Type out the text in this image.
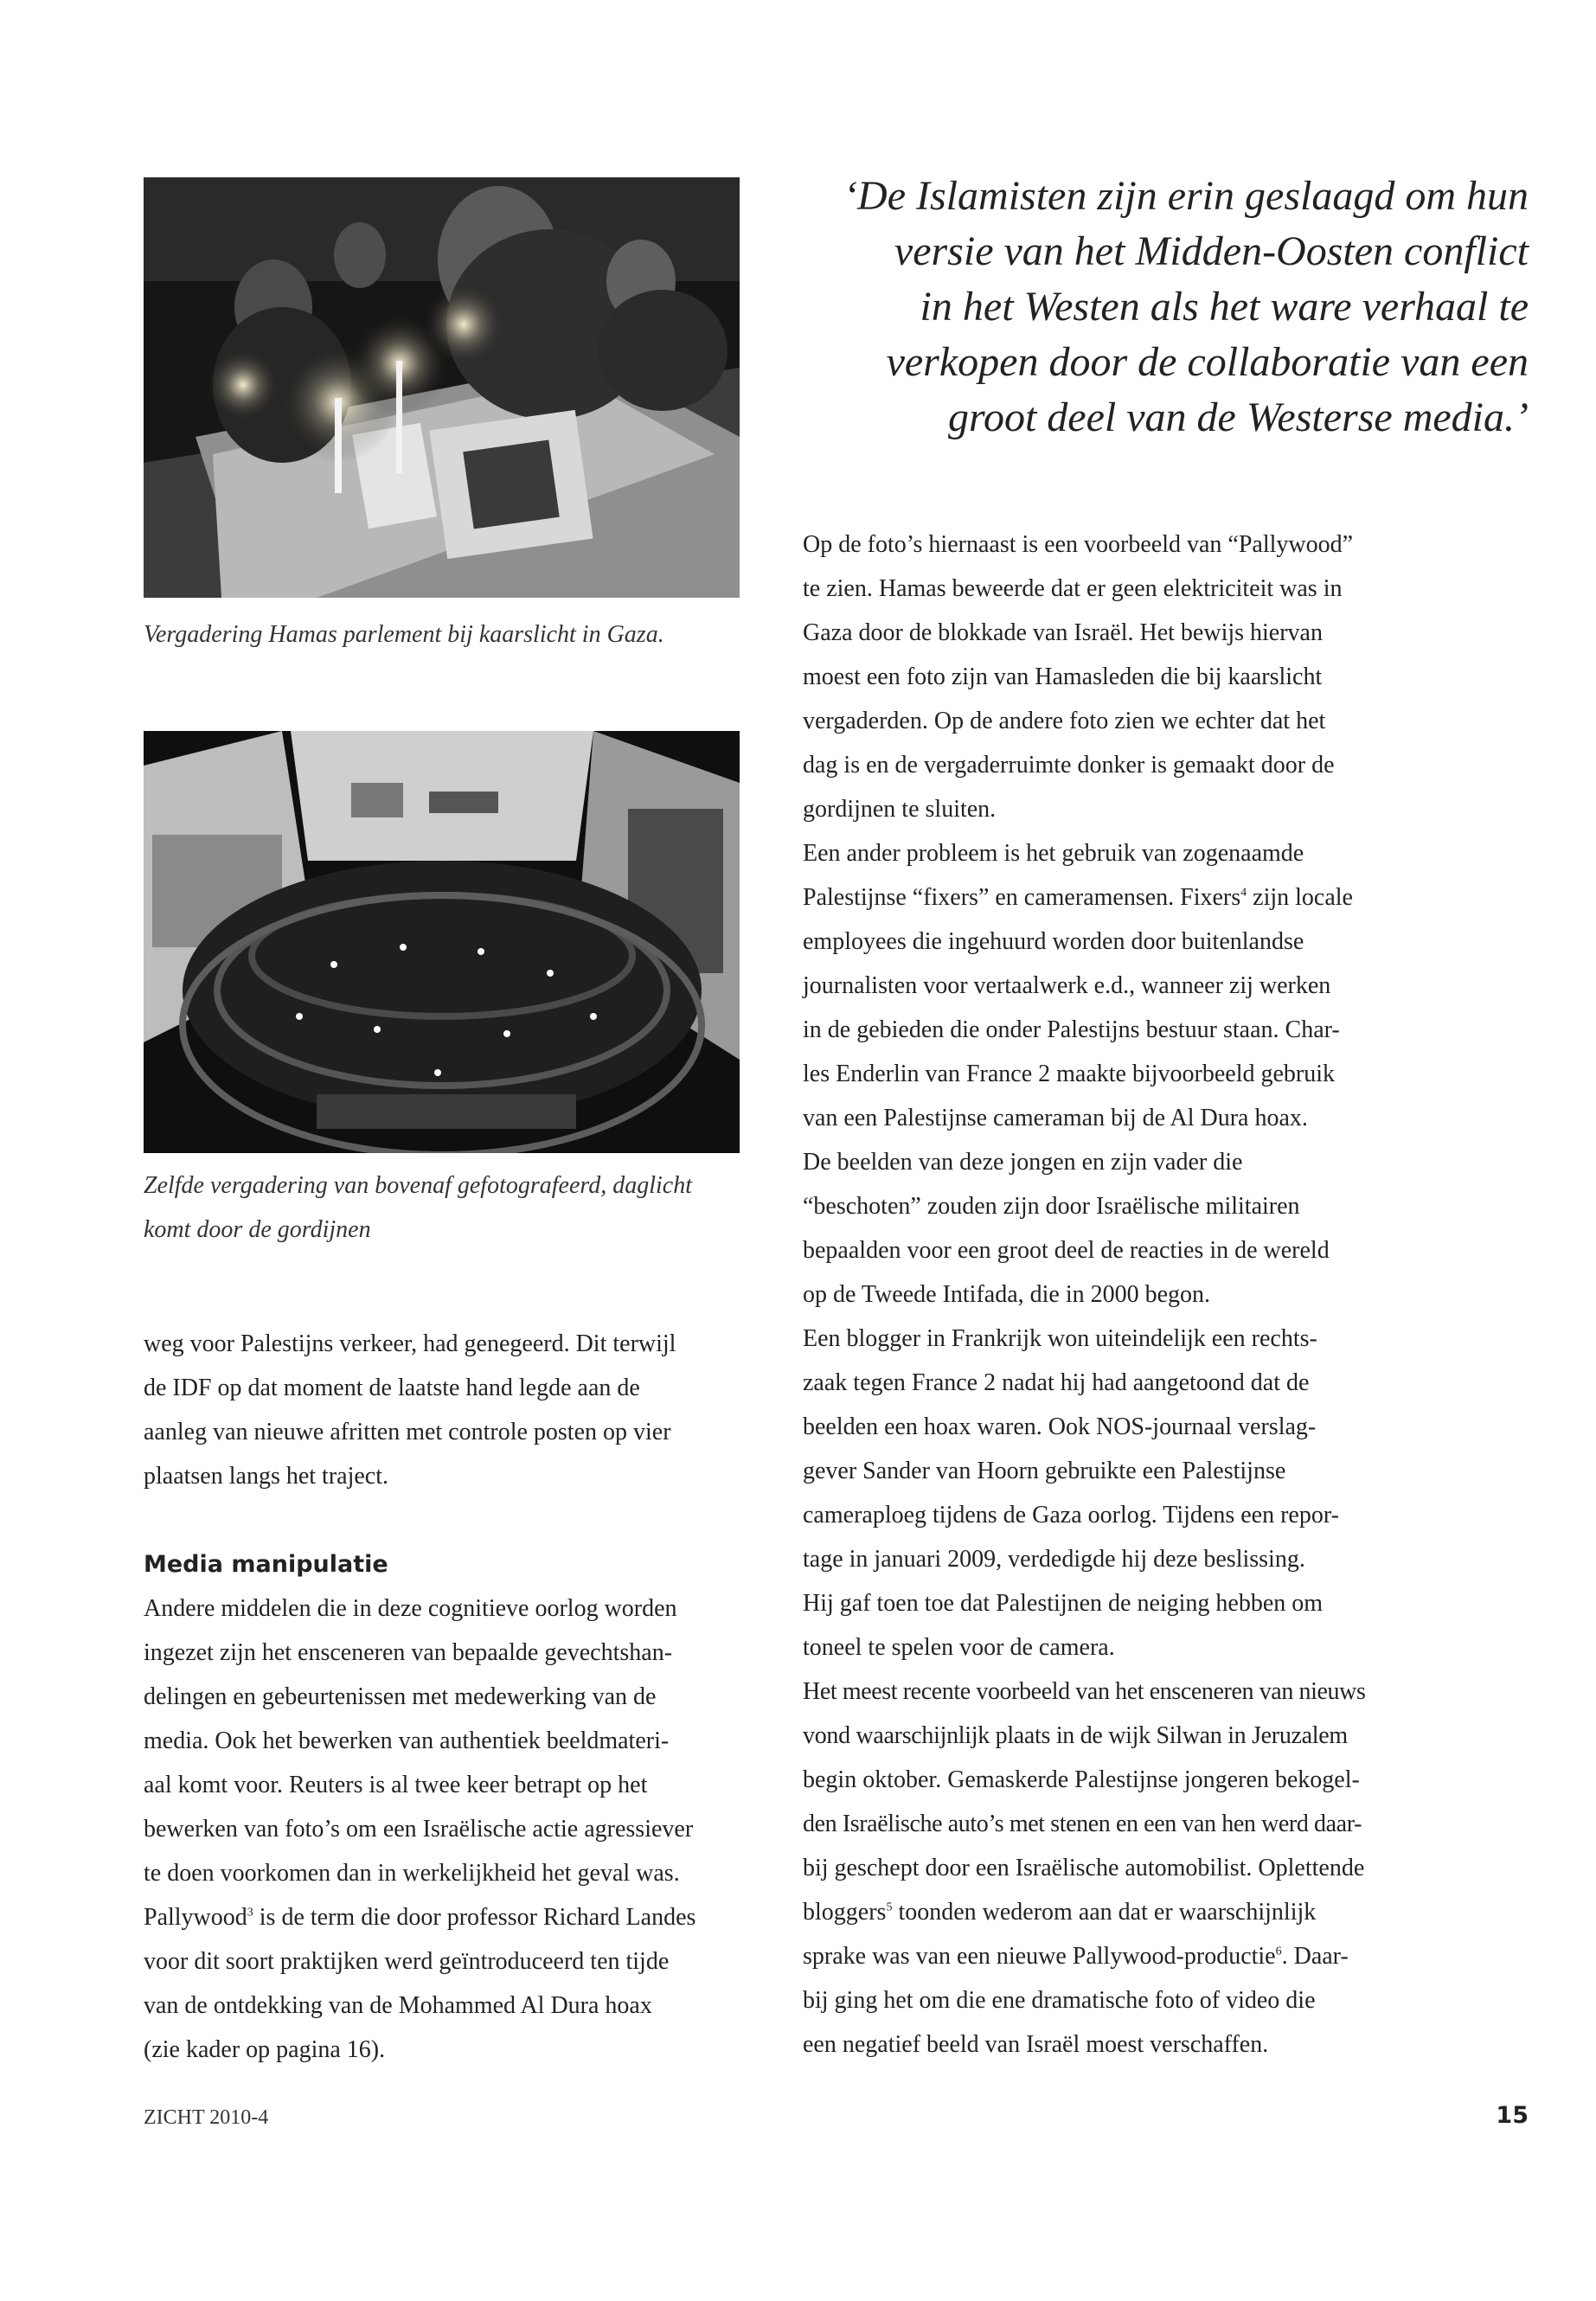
Vergadering Hamas parlement bij kaarslicht in Gaza.
Zelfde vergadering van bovenaf gefotografeerd, daglicht
komt door de gordijnen
‘De Islamisten zijn erin geslaagd om hun
versie van het Midden-Oosten conflict
in het Westen als het ware verhaal te
verkopen door de collaboratie van een
groot deel van de Westerse media.’

weg voor Palestijns verkeer, had genegeerd. Dit terwijl

de IDF op dat moment de laatste hand legde aan de

aanleg van nieuwe afritten met controle posten op vier

plaatsen langs het traject.

Media manipulatie

Andere middelen die in deze cognitieve oorlog worden

ingezet zijn het ensceneren van bepaalde gevechtshan-

delingen en gebeurtenissen met medewerking van de

media. Ook het bewerken van authentiek beeldmateri-

aal komt voor. Reuters is al twee keer betrapt op het

bewerken van foto’s om een Israëlische actie agressiever

te doen voorkomen dan in werkelijkheid het geval was.

Pallywood$^3$ is de term die door professor Richard Landes

voor dit soort praktijken werd geïntroduceerd ten tijde

van de ontdekking van de Mohammed Al Dura hoax

(zie kader op pagina 16).

Op de foto’s hiernaast is een voorbeeld van “Pallywood”

te zien. Hamas beweerde dat er geen elektriciteit was in

Gaza door de blokkade van Israël. Het bewijs hiervan

moest een foto zijn van Hamasleden die bij kaarslicht

vergaderden. Op de andere foto zien we echter dat het

dag is en de vergaderruimte donker is gemaakt door de

gordijnen te sluiten.

Een ander probleem is het gebruik van zogenaamde

Palestijnse “fixers” en cameramensen. Fixers$^4$ zijn locale

employees die ingehuurd worden door buitenlandse

journalisten voor vertaalwerk e.d., wanneer zij werken

in de gebieden die onder Palestijns bestuur staan. Char-

les Enderlin van France 2 maakte bijvoorbeeld gebruik

van een Palestijnse cameraman bij de Al Dura hoax.

De beelden van deze jongen en zijn vader die

“beschoten” zouden zijn door Israëlische militairen

bepaalden voor een groot deel de reacties in de wereld

op de Tweede Intifada, die in 2000 begon.

Een blogger in Frankrijk won uiteindelijk een rechts-

zaak tegen France 2 nadat hij had aangetoond dat de

beelden een hoax waren. Ook NOS-journaal verslag-

gever Sander van Hoorn gebruikte een Palestijnse

cameraploeg tijdens de Gaza oorlog. Tijdens een repor-

tage in januari 2009, verdedigde hij deze beslissing.

Hij gaf toen toe dat Palestijnen de neiging hebben om

toneel te spelen voor de camera.

Het meest recente voorbeeld van het ensceneren van nieuws

vond waarschijnlijk plaats in de wijk Silwan in Jeruzalem

begin oktober. Gemaskerde Palestijnse jongeren bekogel-

den Israëlische auto’s met stenen en een van hen werd daar-

bij geschept door een Israëlische automobilist. Oplettende

bloggers$^5$ toonden wederom aan dat er waarschijnlijk

sprake was van een nieuwe Pallywood-productie$^6$. Daar-

bij ging het om die ene dramatische foto of video die

een negatief beeld van Israël moest verschaffen.

ZICHT 2010-4	15
